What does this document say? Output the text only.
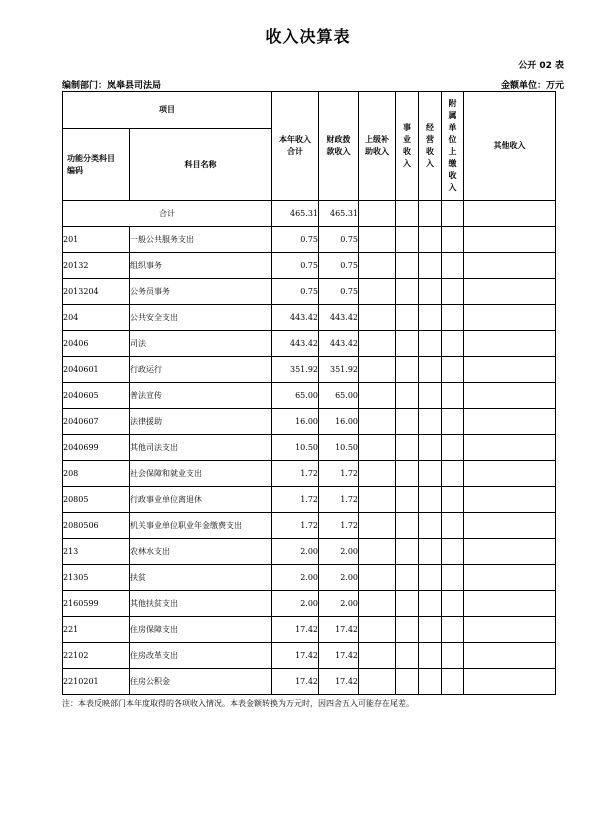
收入决算表
公开 02 表
编制部门：岚皋县司法局	金额单位：万元
项目		本年收入合计	财政拨款收入	上级补助收入	事业收入	经营收入	附属单位上缴收入	其他收入

功能分类科目编码	科目名称							
合计		465.31	465.31					
201	一般公共服务支出	0.75	0.75					
20132	组织事务	0.75	0.75					
2013204	公务员事务	0.75	0.75					
204	公共安全支出	443.42	443.42					
20406	司法	443.42	443.42					
2040601	行政运行	351.92	351.92					
2040605	普法宣传	65.00	65.00					
2040607	法律援助	16.00	16.00					
2040699	其他司法支出	10.50	10.50					
208	社会保障和就业支出	1.72	1.72					
20805	行政事业单位离退休	1.72	1.72					
2080506	机关事业单位职业年金缴费支出	1.72	1.72					
213	农林水支出	2.00	2.00					
21305	扶贫	2.00	2.00					
2160599	其他扶贫支出	2.00	2.00					
221	住房保障支出	17.42	17.42					
22102	住房改革支出	17.42	17.42					
2210201	住房公积金	17.42	17.42					
注：本表反映部门本年度取得的各项收入情况。本表金额转换为万元时，因四舍五入可能存在尾差。
